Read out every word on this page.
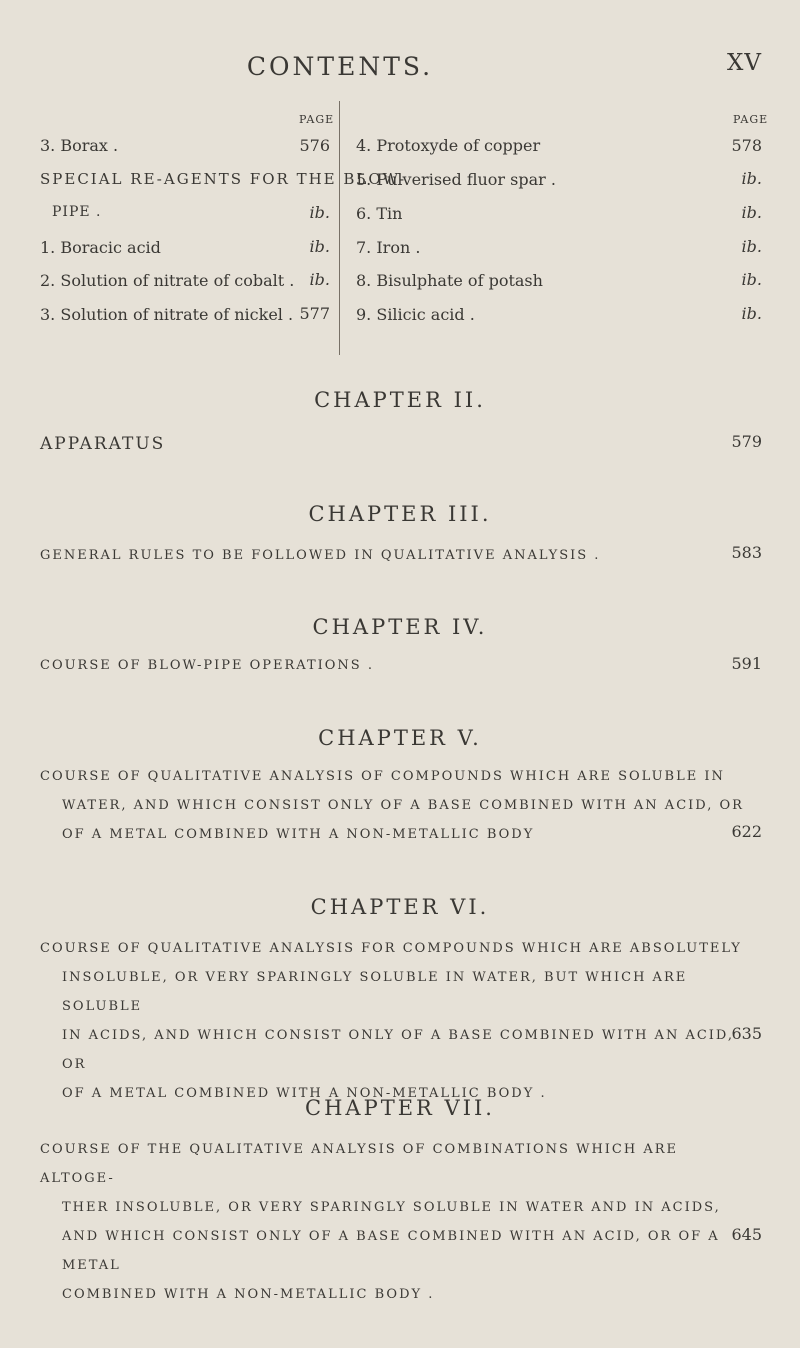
CONTENTS.	XV
PAGE	PAGE
3. Borax .	576
SPECIAL RE-AGENTS FOR THE BLOW-
PIPE .	ib.
1. Boracic acid	ib.
2. Solution of nitrate of cobalt . ib.
3. Solution of nitrate of nickel . 577
4. Protoxyde of copper	578
5. Pulverised fluor spar .	ib.
6. Tin	ib.
7. Iron .	ib.
8. Bisulphate of potash	ib.
9. Silicic acid .	ib.
CHAPTER II.
APPARATUS	579
CHAPTER III.
GENERAL RULES TO BE FOLLOWED IN QUALITATIVE ANALYSIS .	583
CHAPTER IV.
COURSE OF BLOW-PIPE OPERATIONS .	591
CHAPTER V.
COURSE OF QUALITATIVE ANALYSIS OF COMPOUNDS WHICH ARE SOLUBLE IN
WATER, AND WHICH CONSIST ONLY OF A BASE COMBINED WITH AN ACID, OR
OF A METAL COMBINED WITH A NON-METALLIC BODY	622
CHAPTER VI.
COURSE OF QUALITATIVE ANALYSIS FOR COMPOUNDS WHICH ARE ABSOLUTELY
INSOLUBLE, OR VERY SPARINGLY SOLUBLE IN WATER, BUT WHICH ARE SOLUBLE
IN ACIDS, AND WHICH CONSIST ONLY OF A BASE COMBINED WITH AN ACID, OR
OF A METAL COMBINED WITH A NON-METALLIC BODY .
635
CHAPTER VII.
COURSE OF THE QUALITATIVE ANALYSIS OF COMBINATIONS WHICH ARE ALTOGE-
THER INSOLUBLE, OR VERY SPARINGLY SOLUBLE IN WATER AND IN ACIDS,
AND WHICH CONSIST ONLY OF A BASE COMBINED WITH AN ACID, OR OF A METAL
COMBINED WITH A NON-METALLIC BODY .
645
